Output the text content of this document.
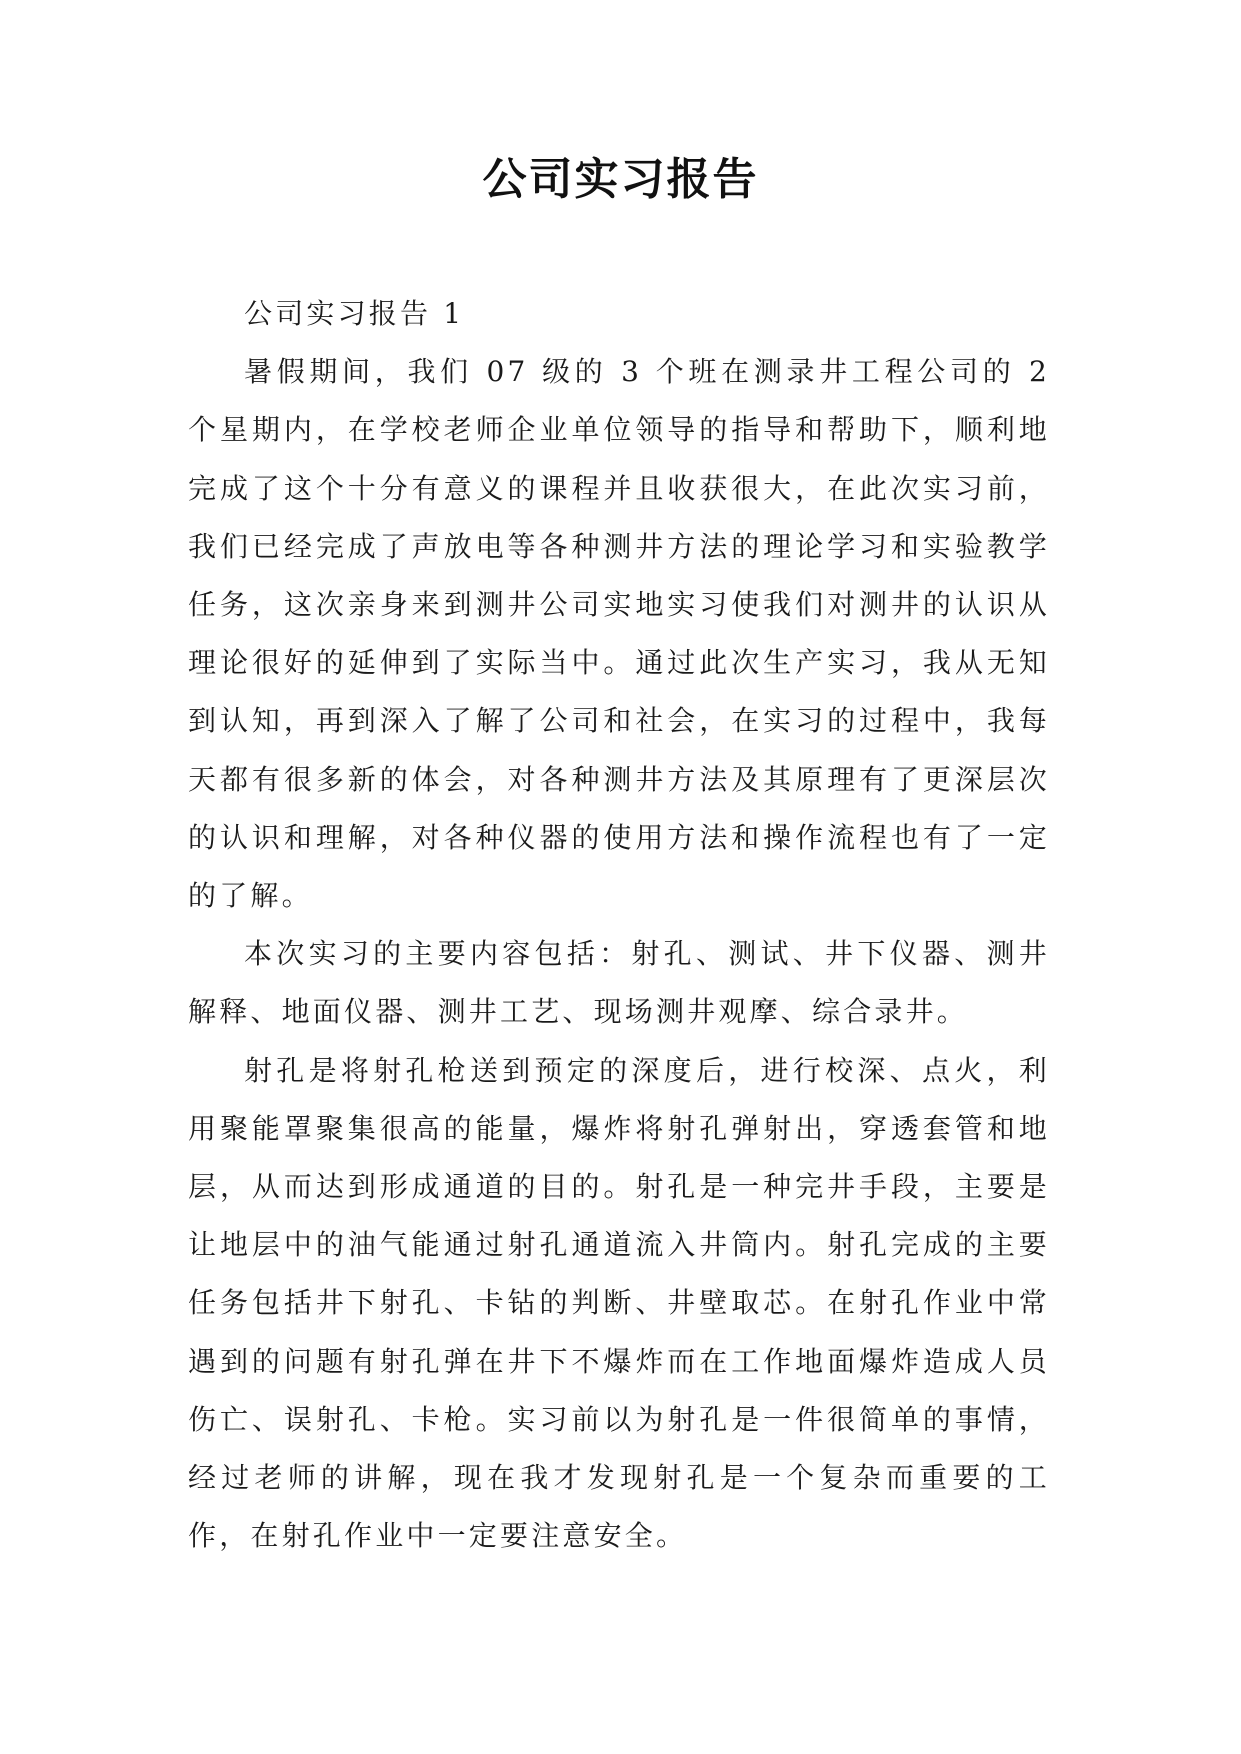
公司实习报告

公司实习报告 1

暑假期间，我们 07 级的 3 个班在测录井工程公司的 2 个星期内，在学校老师企业单位领导的指导和帮助下，顺利地完成了这个十分有意义的课程并且收获很大，在此次实习前，我们已经完成了声放电等各种测井方法的理论学习和实验教学任务，这次亲身来到测井公司实地实习使我们对测井的认识从理论很好的延伸到了实际当中。通过此次生产实习，我从无知到认知，再到深入了解了公司和社会，在实习的过程中，我每天都有很多新的体会，对各种测井方法及其原理有了更深层次的认识和理解，对各种仪器的使用方法和操作流程也有了一定的了解。

本次实习的主要内容包括：射孔、测试、井下仪器、测井解释、地面仪器、测井工艺、现场测井观摩、综合录井。

射孔是将射孔枪送到预定的深度后，进行校深、点火，利用聚能罩聚集很高的能量，爆炸将射孔弹射出，穿透套管和地层，从而达到形成通道的目的。射孔是一种完井手段，主要是让地层中的油气能通过射孔通道流入井筒内。射孔完成的主要任务包括井下射孔、卡钻的判断、井壁取芯。在射孔作业中常遇到的问题有射孔弹在井下不爆炸而在工作地面爆炸造成人员伤亡、误射孔、卡枪。实习前以为射孔是一件很简单的事情，经过老师的讲解，现在我才发现射孔是一个复杂而重要的工作，在射孔作业中一定要注意安全。
